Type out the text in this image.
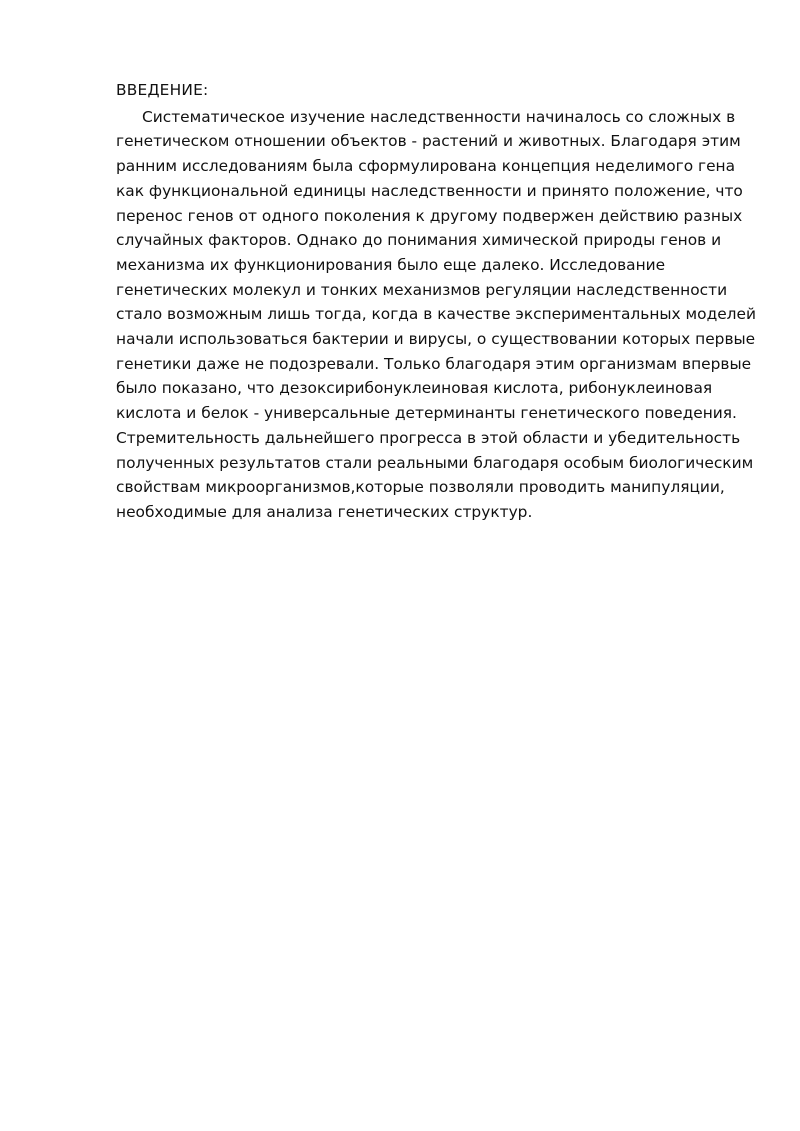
ВВЕДЕНИЕ:
Систематическое изучение наследственности начиналось со сложных в
генетическом отношении объектов - растений и животных. Благодаря этим
ранним исследованиям была сформулирована концепция неделимого гена
как функциональной единицы наследственности и принято положение, что
перенос генов от одного поколения к другому подвержен действию разных
случайных факторов. Однако до понимания химической природы генов и
механизма их функционирования было еще далеко. Исследование
генетических молекул и тонких механизмов регуляции наследственности
стало возможным лишь тогда, когда в качестве экспериментальных моделей
начали использоваться бактерии и вирусы, о существовании которых первые
генетики даже не подозревали. Только благодаря этим организмам впервые
было показано, что дезоксирибонуклеиновая кислота, рибонуклеиновая
кислота и белок - универсальные детерминанты генетического поведения.
Стремительность дальнейшего прогресса в этой области и убедительность
полученных результатов стали реальными благодаря особым биологическим
свойствам микроорганизмов,которые позволяли проводить манипуляции,
необходимые для анализа генетических структур.
